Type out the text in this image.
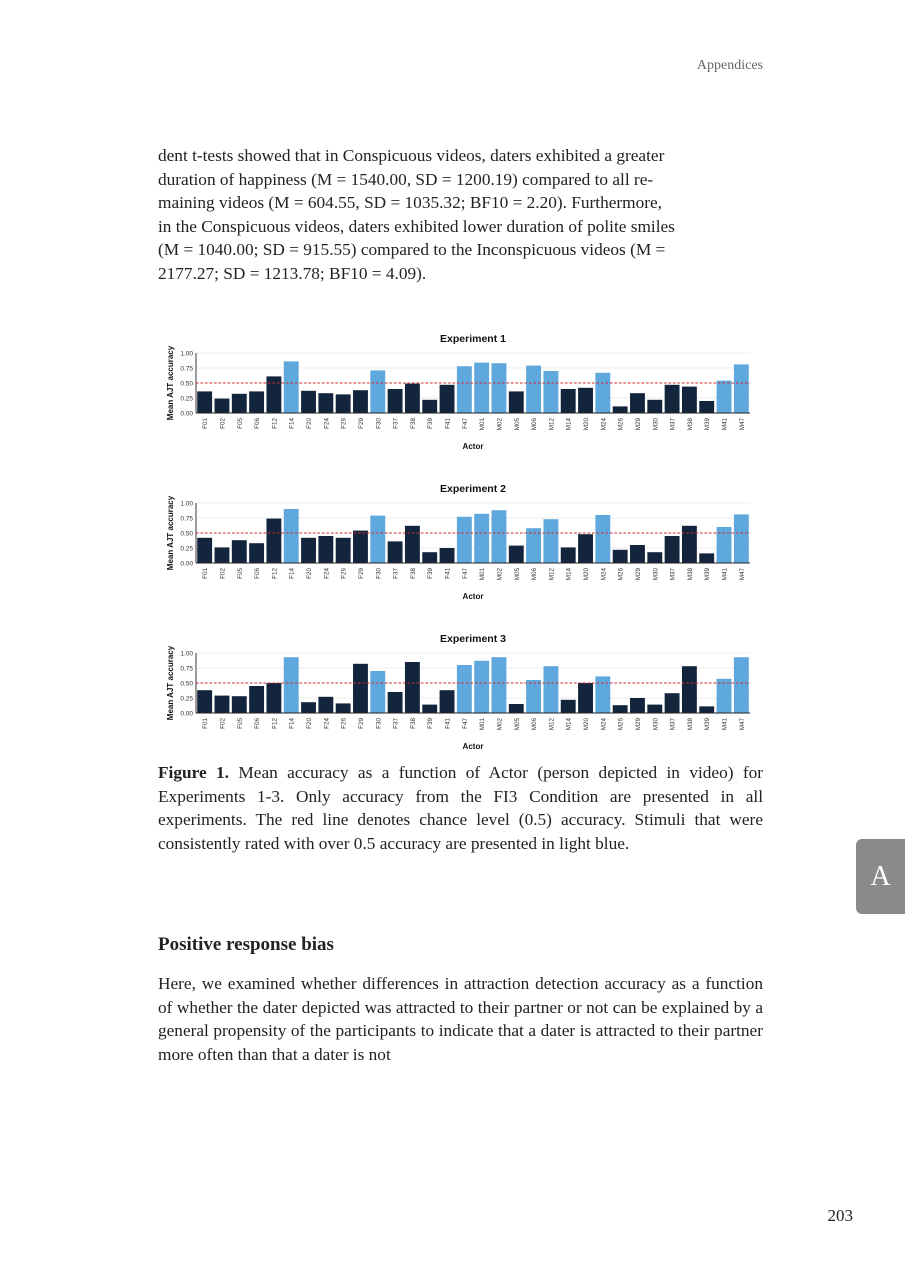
Appendices
dent t-tests showed that in Conspicuous videos, daters exhibited a greater
duration of happiness (M = 1540.00, SD = 1200.19) compared to all re-
maining videos (M = 604.55, SD = 1035.32; BF10 = 2.20). Furthermore,
in the Conspicuous videos, daters exhibited lower duration of polite smiles
(M = 1040.00; SD = 915.55) compared to the Inconspicuous videos (M =
2177.27; SD = 1213.78; BF10 = 4.09).
Experiment 1
0.00
0.25
0.50
0.75
1.00
F01 F02 F05 F06 F12 F14 F20 F24 F26 F29 F30 F37 F38 F39 F41 F47 M01 M02 M05 M06 M12 M14 M20 M24 M26 M29 M30 M37 M38 M39 M41 M47
Actor
Mean AJT accuracy
Experiment 2
0.00
0.25
0.50
0.75
1.00
F01 F02 F05 F06 F12 F14 F20 F24 F26 F29 F30 F37 F38 F39 F41 F47 M01 M02 M05 M06 M12 M14 M20 M24 M26 M29 M30 M37 M38 M39 M41 M47
Actor
Mean AJT accuracy
Experiment 3
0.00
0.25
0.50
0.75
1.00
F01 F02 F05 F06 F12 F14 F20 F24 F26 F29 F30 F37 F38 F39 F41 F47 M01 M02 M05 M06 M12 M14 M20 M24 M26 M29 M30 M37 M38 M39 M41 M47
Actor
Mean AJT accuracy

Figure 1. Mean accuracy as a function of Actor (person depicted in video) for Experiments 1-3. Only accuracy from the FI3 Condition are presented in all experiments. The red line denotes chance level (0.5) accuracy. Stimuli that were consistently rated with over 0.5 accuracy are presented in light blue.

Positive response bias

Here, we examined whether differences in attraction detection accuracy as a function of whether the dater depicted was attracted to their partner or not can be explained by a general propensity of the participants to indicate that a dater is attracted to their partner more often than that a dater is not

A
203
